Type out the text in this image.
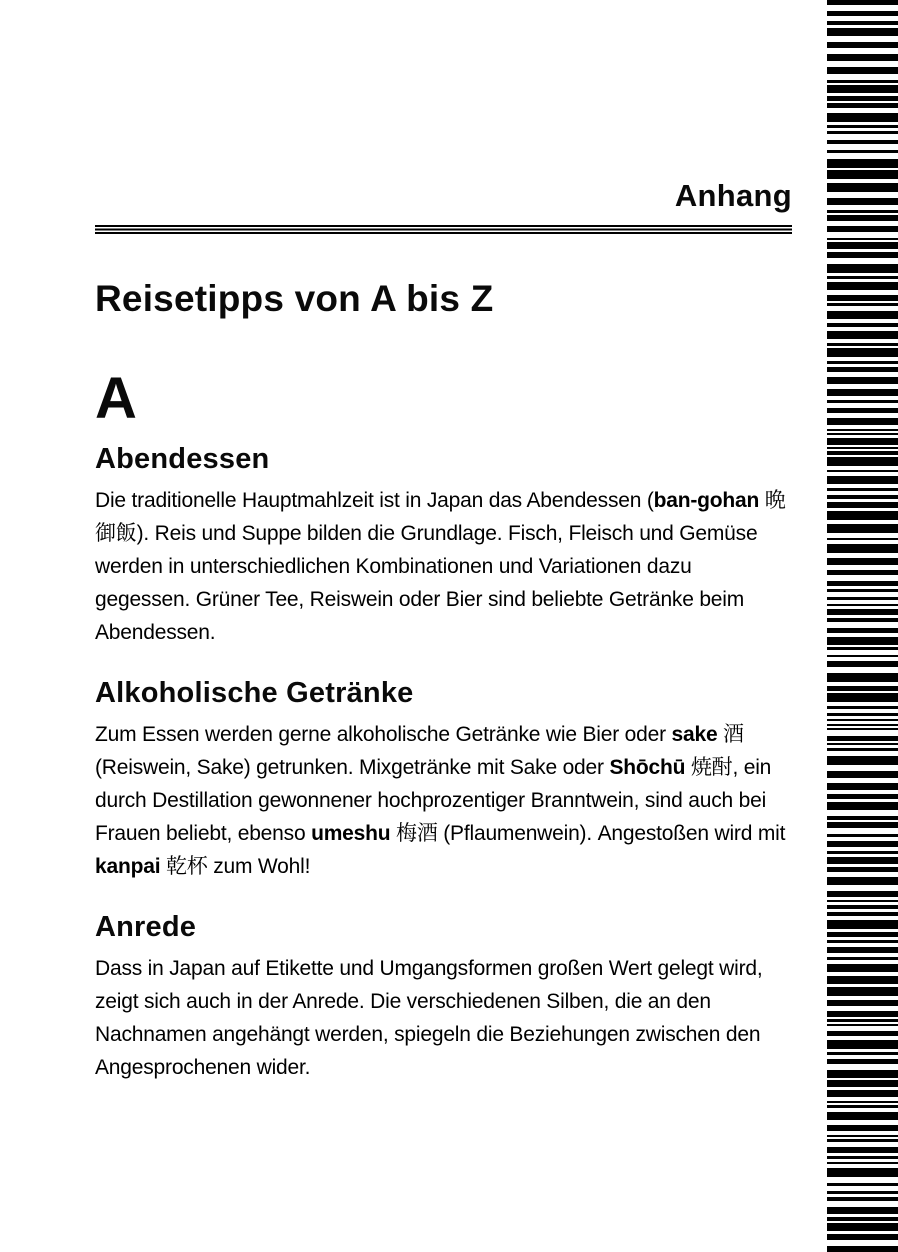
Anhang
Reisetipps von A bis Z
A
Abendessen

Die traditionelle Hauptmahlzeit ist in Japan das Abendessen (ban-gohan 晩御飯). Reis und Suppe bilden die Grundlage. Fisch, Fleisch und Gemüse werden in unterschiedlichen Kombinationen und Variationen dazu gegessen. Grüner Tee, Reiswein oder Bier sind beliebte Getränke beim Abendessen.

Alkoholische Getränke

Zum Essen werden gerne alkoholische Getränke wie Bier oder sake 酒 (Reiswein, Sake) getrunken. Mixgetränke mit Sake oder Shōchū 焼酎, ein durch Destillation gewonnener hochprozentiger Branntwein, sind auch bei Frauen beliebt, ebenso umeshu 梅酒 (Pflaumenwein). Angestoßen wird mit kanpai 乾杯 zum Wohl!

Anrede

Dass in Japan auf Etikette und Umgangsformen großen Wert gelegt wird, zeigt sich auch in der Anrede. Die verschiedenen Silben, die an den Nachnamen angehängt werden, spiegeln die Beziehungen zwischen den Angesprochenen wider.
